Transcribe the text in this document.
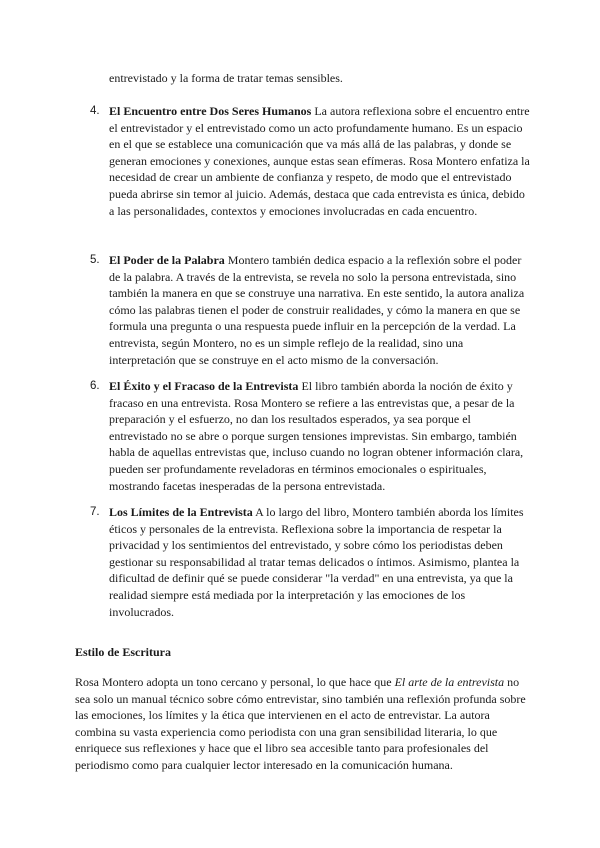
entrevistado y la forma de tratar temas sensibles.
4. El Encuentro entre Dos Seres Humanos La autora reflexiona sobre el encuentro entre el entrevistador y el entrevistado como un acto profundamente humano. Es un espacio en el que se establece una comunicación que va más allá de las palabras, y donde se generan emociones y conexiones, aunque estas sean efímeras. Rosa Montero enfatiza la necesidad de crear un ambiente de confianza y respeto, de modo que el entrevistado pueda abrirse sin temor al juicio. Además, destaca que cada entrevista es única, debido a las personalidades, contextos y emociones involucradas en cada encuentro.
5. El Poder de la Palabra Montero también dedica espacio a la reflexión sobre el poder de la palabra. A través de la entrevista, se revela no solo la persona entrevistada, sino también la manera en que se construye una narrativa. En este sentido, la autora analiza cómo las palabras tienen el poder de construir realidades, y cómo la manera en que se formula una pregunta o una respuesta puede influir en la percepción de la verdad. La entrevista, según Montero, no es un simple reflejo de la realidad, sino una interpretación que se construye en el acto mismo de la conversación.
6. El Éxito y el Fracaso de la Entrevista El libro también aborda la noción de éxito y fracaso en una entrevista. Rosa Montero se refiere a las entrevistas que, a pesar de la preparación y el esfuerzo, no dan los resultados esperados, ya sea porque el entrevistado no se abre o porque surgen tensiones imprevistas. Sin embargo, también habla de aquellas entrevistas que, incluso cuando no logran obtener información clara, pueden ser profundamente reveladoras en términos emocionales o espirituales, mostrando facetas inesperadas de la persona entrevistada.
7. Los Límites de la Entrevista A lo largo del libro, Montero también aborda los límites éticos y personales de la entrevista. Reflexiona sobre la importancia de respetar la privacidad y los sentimientos del entrevistado, y sobre cómo los periodistas deben gestionar su responsabilidad al tratar temas delicados o íntimos. Asimismo, plantea la dificultad de definir qué se puede considerar "la verdad" en una entrevista, ya que la realidad siempre está mediada por la interpretación y las emociones de los involucrados.
Estilo de Escritura
Rosa Montero adopta un tono cercano y personal, lo que hace que El arte de la entrevista no sea solo un manual técnico sobre cómo entrevistar, sino también una reflexión profunda sobre las emociones, los límites y la ética que intervienen en el acto de entrevistar. La autora combina su vasta experiencia como periodista con una gran sensibilidad literaria, lo que enriquece sus reflexiones y hace que el libro sea accesible tanto para profesionales del periodismo como para cualquier lector interesado en la comunicación humana.
